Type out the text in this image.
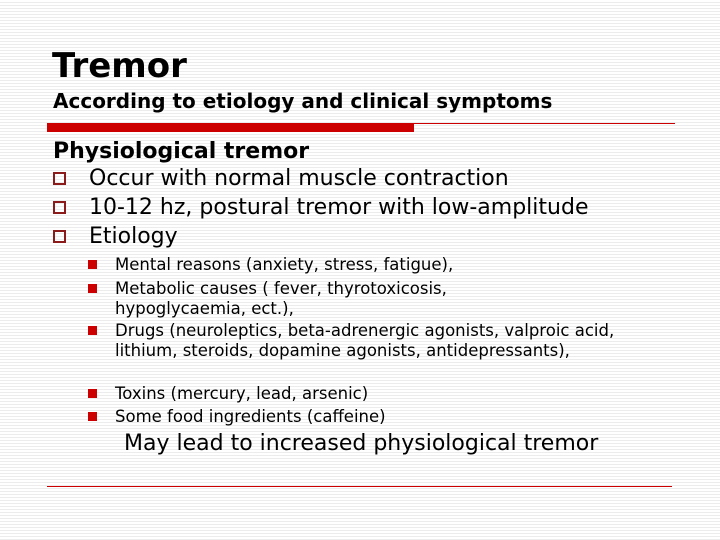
Tremor
According to etiology and clinical symptoms
Physiological tremor
Occur with normal muscle contraction
10-12 hz, postural tremor with low-amplitude
Etiology
Mental reasons (anxiety, stress, fatigue),
Metabolic causes ( fever, thyrotoxicosis, hypoglycaemia, ect.),
Drugs (neuroleptics, beta-adrenergic agonists, valproic acid, lithium, steroids, dopamine agonists, antidepressants),
Toxins (mercury, lead, arsenic)
Some food ingredients (caffeine)
May lead to increased physiological tremor
